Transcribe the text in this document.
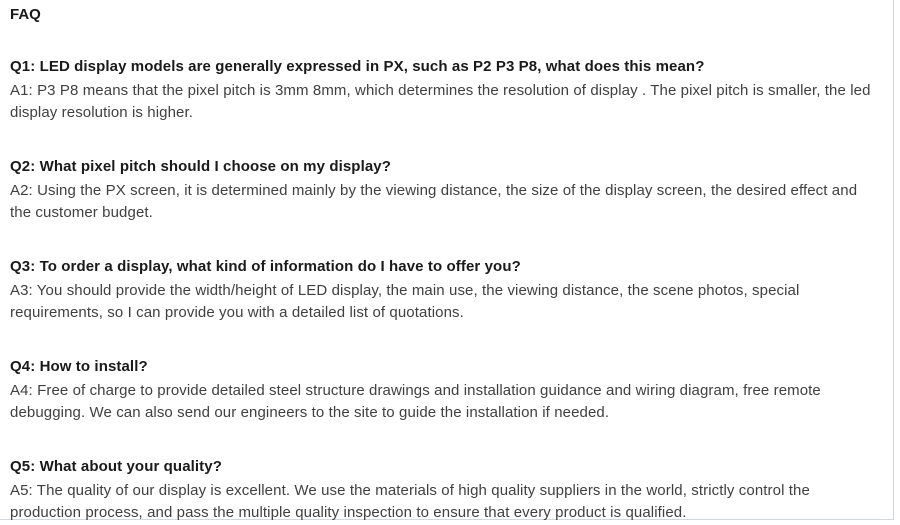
FAQ
Q1: LED display models are generally expressed in PX, such as P2 P3 P8, what does this mean?

A1: P3 P8 means that the pixel pitch is 3mm 8mm, which determines the resolution of display . The pixel pitch is smaller, the led display resolution is higher.

Q2: What pixel pitch should I choose on my display?

A2: Using the PX screen, it is determined mainly by the viewing distance, the size of the display screen, the desired effect and the customer budget.

Q3: To order a display, what kind of information do I have to offer you?

A3: You should provide the width/height of LED display, the main use, the viewing distance, the scene photos, special requirements, so I can provide you with a detailed list of quotations.

Q4: How to install?

A4: Free of charge to provide detailed steel structure drawings and installation guidance and wiring diagram, free remote debugging. We can also send our engineers to the site to guide the installation if needed.

Q5: What about your quality?

A5: The quality of our display is excellent. We use the materials of high quality suppliers in the world, strictly control the production process, and pass the multiple quality inspection to ensure that every product is qualified.
